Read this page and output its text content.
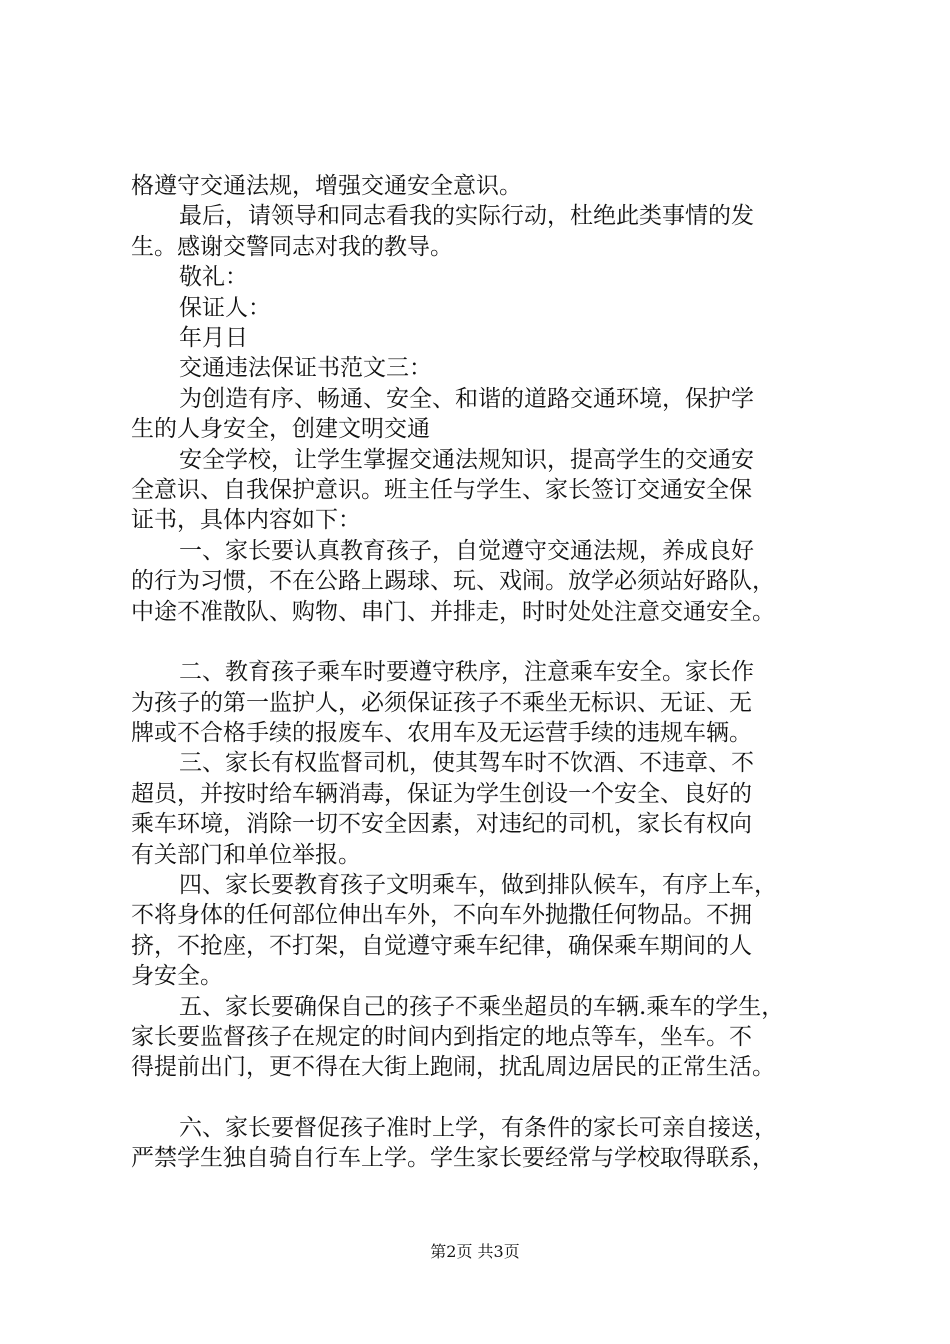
格遵守交通法规，增强交通安全意识。

最后，请领导和同志看我的实际行动，杜绝此类事情的发

生。感谢交警同志对我的教导。

敬礼：

保证人：

年月日

交通违法保证书范文三：

为创造有序、畅通、安全、和谐的道路交通环境，保护学

生的人身安全，创建文明交通

安全学校，让学生掌握交通法规知识，提高学生的交通安

全意识、自我保护意识。班主任与学生、家长签订交通安全保

证书，具体内容如下：

一、家长要认真教育孩子，自觉遵守交通法规，养成良好

的行为习惯，不在公路上踢球、玩、戏闹。放学必须站好路队，

中途不准散队、购物、串门、并排走，时时处处注意交通安全。

二、教育孩子乘车时要遵守秩序，注意乘车安全。家长作

为孩子的第一监护人，必须保证孩子不乘坐无标识、无证、无

牌或不合格手续的报废车、农用车及无运营手续的违规车辆。

三、家长有权监督司机，使其驾车时不饮酒、不违章、不

超员，并按时给车辆消毒，保证为学生创设一个安全、良好的

乘车环境，消除一切不安全因素，对违纪的司机，家长有权向

有关部门和单位举报。

四、家长要教育孩子文明乘车，做到排队候车，有序上车，

不将身体的任何部位伸出车外，不向车外抛撒任何物品。不拥

挤，不抢座，不打架，自觉遵守乘车纪律，确保乘车期间的人

身安全。

五、家长要确保自己的孩子不乘坐超员的车辆.乘车的学生，

家长要监督孩子在规定的时间内到指定的地点等车，坐车。不

得提前出门，更不得在大街上跑闹，扰乱周边居民的正常生活。

六、家长要督促孩子准时上学，有条件的家长可亲自接送，

严禁学生独自骑自行车上学。学生家长要经常与学校取得联系，

第2页 共3页
